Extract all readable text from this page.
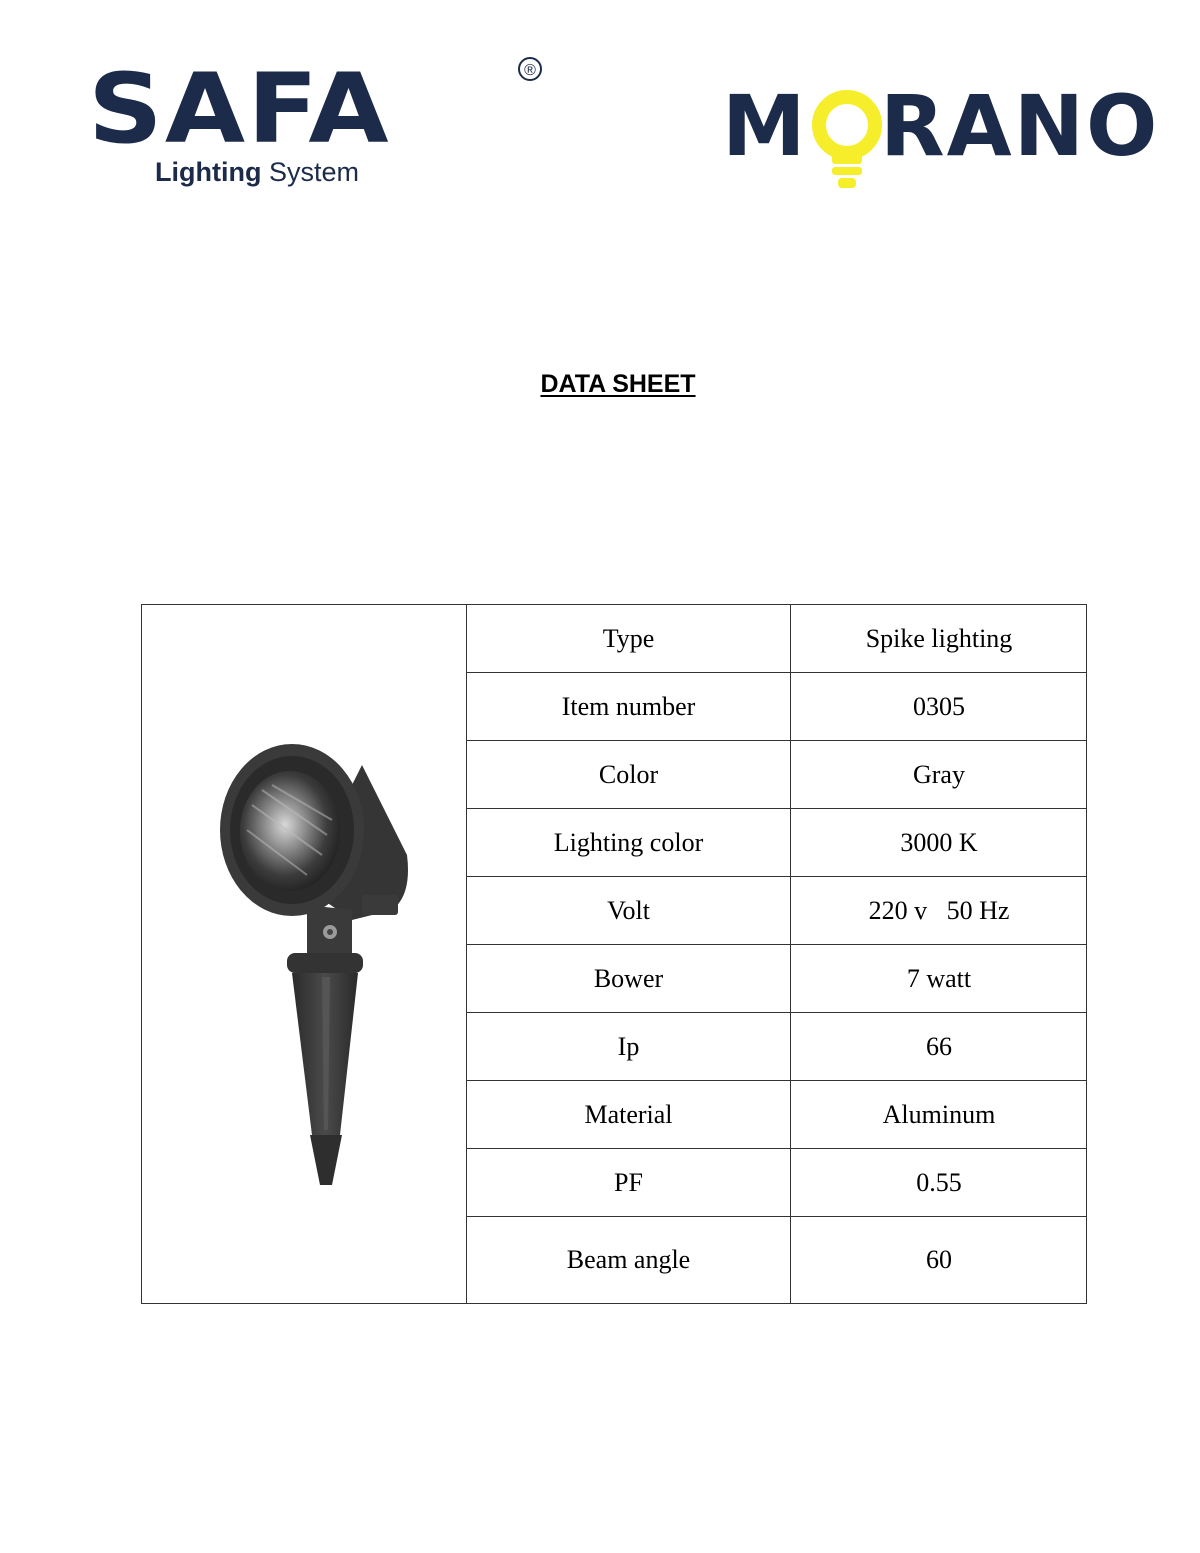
SAFA	®
Lighting System	M RANO
DATA SHEET
Type	Spike lighting
Item number	0305
Color	Gray
Lighting color	3000 K
Volt	220 v   50 Hz
Bower	7 watt
Ip	66
Material	Aluminum
PF	0.55
Beam angle	60
